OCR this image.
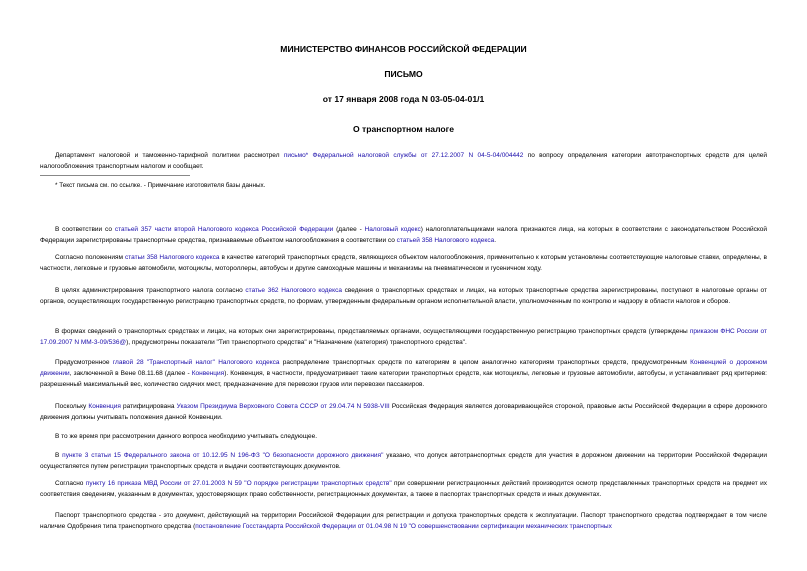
МИНИСТЕРСТВО ФИНАНСОВ РОССИЙСКОЙ ФЕДЕРАЦИИ
ПИСЬМО
от 17 января 2008 года N 03-05-04-01/1
О транспортном налоге
Департамент налоговой и таможенно-тарифной политики рассмотрел письмо* Федеральной налоговой службы от 27.12.2007 N 04-5-04/004442 по вопросу определения категории автотранспортных средств для целей налогообложения транспортным налогом и сообщает.
* Текст письма см. по ссылке. - Примечание изготовителя базы данных.
В соответствии со статьей 357 части второй Налогового кодекса Российской Федерации (далее - Налоговый кодекс) налогоплательщиками налога признаются лица, на которых в соответствии с законодательством Российской Федерации зарегистрированы транспортные средства, признаваемые объектом налогообложения в соответствии со статьей 358 Налогового кодекса.
Согласно положениям статьи 358 Налогового кодекса в качестве категорий транспортных средств, являющихся объектом налогообложения, применительно к которым установлены соответствующие налоговые ставки, определены, в частности, легковые и грузовые автомобили, мотоциклы, мотороллеры, автобусы и другие самоходные машины и механизмы на пневматическом и гусеничном ходу.
В целях администрирования транспортного налога согласно статье 362 Налогового кодекса сведения о транспортных средствах и лицах, на которых транспортные средства зарегистрированы, поступают в налоговые органы от органов, осуществляющих государственную регистрацию транспортных средств, по формам, утвержденным федеральным органом исполнительной власти, уполномоченным по контролю и надзору в области налогов и сборов.
В формах сведений о транспортных средствах и лицах, на которых они зарегистрированы, представляемых органами, осуществляющими государственную регистрацию транспортных средств (утверждены приказом ФНС России от 17.09.2007 N ММ-3-09/536@), предусмотрены показатели "Тип транспортного средства" и "Назначение (категория) транспортного средства".
Предусмотренное главой 28 "Транспортный налог" Налогового кодекса распределение транспортных средств по категориям в целом аналогично категориям транспортных средств, предусмотренным Конвенцией о дорожном движении, заключенной в Вене 08.11.68 (далее - Конвенция). Конвенция, в частности, предусматривает такие категории транспортных средств, как мотоциклы, легковые и грузовые автомобили, автобусы, и устанавливает ряд критериев: разрешенный максимальный вес, количество сидячих мест, предназначение для перевозки грузов или перевозки пассажиров.
Поскольку Конвенция ратифицирована Указом Президиума Верховного Совета СССР от 29.04.74 N 5938-VIII Российская Федерация является договаривающейся стороной, правовые акты Российской Федерации в сфере дорожного движения должны учитывать положения данной Конвенции.
В то же время при рассмотрении данного вопроса необходимо учитывать следующее.
В пункте 3 статьи 15 Федерального закона от 10.12.95 N 196-ФЗ "О безопасности дорожного движения" указано, что допуск автотранспортных средств для участия в дорожном движении на территории Российской Федерации осуществляется путем регистрации транспортных средств и выдачи соответствующих документов.
Согласно пункту 16 приказа МВД России от 27.01.2003 N 59 "О порядке регистрации транспортных средств" при совершении регистрационных действий производится осмотр представленных транспортных средств на предмет их соответствия сведениям, указанным в документах, удостоверяющих право собственности, регистрационных документах, а также в паспортах транспортных средств и иных документах.
Паспорт транспортного средства - это документ, действующий на территории Российской Федерации для регистрации и допуска транспортных средств к эксплуатации. Паспорт транспортного средства подтверждает в том числе наличие Одобрения типа транспортного средства (постановление Госстандарта Российской Федерации от 01.04.98 N 19 "О совершенствовании сертификации механических транспортных
